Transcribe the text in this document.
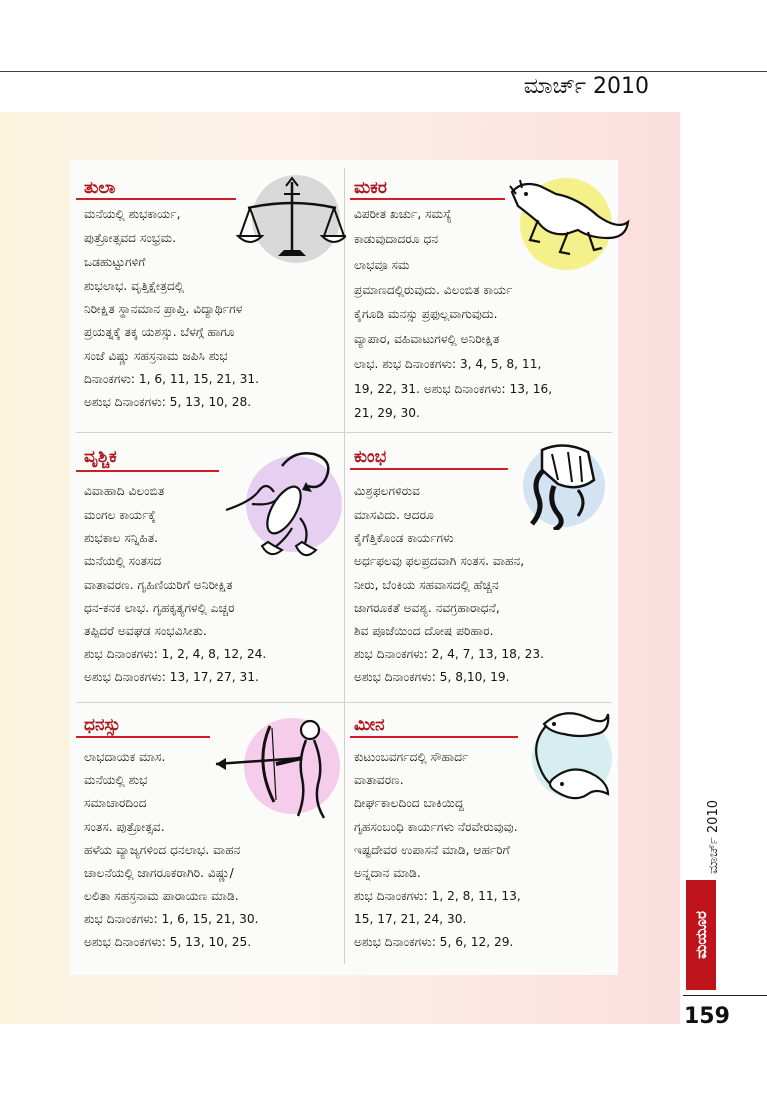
ಮಾರ್ಚ್ 2010
ತುಲಾ
ಮನೆಯಲ್ಲಿ ಶುಭಕಾರ್ಯ,
ಪುತ್ರೋತ್ಸವದ ಸಂಭ್ರಮ.
ಒಡಹುಟ್ಟುಗಳಿಗೆ
ಶುಭಲಾಭ. ವೃತ್ತಿಕ್ಷೇತ್ರದಲ್ಲಿ
ನಿರೀಕ್ಷಿತ ಸ್ಥಾನಮಾನ ಪ್ರಾಪ್ತಿ. ವಿದ್ಯಾರ್ಥಿಗಳ
ಪ್ರಯತ್ನಕ್ಕೆ ತಕ್ಕ ಯಶಸ್ಸು. ಬೆಳಗ್ಗೆ ಹಾಗೂ
ಸಂಜೆ ವಿಷ್ಣು ಸಹಸ್ರನಾಮ ಜಪಿಸಿ ಶುಭ
ದಿನಾಂಕಗಳು: 1, 6, 11, 15, 21, 31.
ಅಶುಭ ದಿನಾಂಕಗಳು: 5, 13, 10, 28.
ಮಕರ
ವಿಪರೀತ ಖರ್ಚು, ಸಮಸ್ಯೆ
ಕಾಡುವುದಾದರೂ ಧನ
ಲಾಭವೂ ಸಮ
ಪ್ರಮಾಣದಲ್ಲಿರುವುದು. ವಿಲಂಬಿತ ಕಾರ್ಯ
ಕೈಗೂಡಿ ಮನಸ್ಸು ಪ್ರಫುಲ್ಲವಾಗುವುದು.
ವ್ಯಾಪಾರ, ವಹಿವಾಟುಗಳಲ್ಲಿ ಅನಿರೀಕ್ಷಿತ
ಲಾಭ. ಶುಭ ದಿನಾಂಕಗಳು: 3, 4, 5, 8, 11,
19, 22, 31. ಅಶುಭ ದಿನಾಂಕಗಳು: 13, 16,
21, 29, 30.
ವೃಶ್ಚಿಕ
ವಿವಾಹಾದಿ ವಿಲಂಬಿತ
ಮಂಗಲ ಕಾರ್ಯಕ್ಕೆ
ಶುಭಕಾಲ ಸನ್ನಿಹಿತ.
ಮನೆಯಲ್ಲಿ ಸಂತಸದ
ವಾತಾವರಣ. ಗೃಹಿಣಿಯರಿಗೆ ಅನಿರೀಕ್ಷಿತ
ಧನ-ಕನಕ ಲಾಭ. ಗೃಹಕೃತ್ಯಗಳಲ್ಲಿ ಎಚ್ಚರ
ತಪ್ಪಿದರೆ ಅವಘಡ ಸಂಭವಿಸೀತು.
ಶುಭ ದಿನಾಂಕಗಳು: 1, 2, 4, 8, 12, 24.
ಅಶುಭ ದಿನಾಂಕಗಳು: 13, 17, 27, 31.
ಕುಂಭ
ಮಿಶ್ರಫಲಗಳಿರುವ
ಮಾಸವಿದು. ಆದರೂ
ಕೈಗೆತ್ತಿಕೊಂಡ ಕಾರ್ಯಗಳು
ಅರ್ಧಫಲವು ಫಲಪ್ರದವಾಗಿ ಸಂತಸ. ವಾಹನ,
ನೀರು, ಬೆಂಕಿಯ ಸಹವಾಸದಲ್ಲಿ ಹೆಚ್ಚಿನ
ಜಾಗರೂಕತೆ ಅವಶ್ಯ. ನವಗ್ರಹಾರಾಧನೆ,
ಶಿವ ಪೂಜೆಯಿಂದ ದೋಷ ಪರಿಹಾರ.
ಶುಭ ದಿನಾಂಕಗಳು: 2, 4, 7, 13, 18, 23.
ಅಶುಭ ದಿನಾಂಕಗಳು: 5, 8,10, 19.
ಧನಸ್ಸು
ಲಾಭದಾಯಕ ಮಾಸ.
ಮನೆಯಲ್ಲಿ ಶುಭ
ಸಮಾಚಾರದಿಂದ
ಸಂತಸ. ಪುತ್ರೋತ್ಸವ.
ಹಳೆಯ ವ್ಯಾಜ್ಯಗಳಿಂದ ಧನಲಾಭ. ವಾಹನ
ಚಾಲನೆಯಲ್ಲಿ ಜಾಗರೂಕರಾಗಿರಿ. ವಿಷ್ಣು/
ಲಲಿತಾ ಸಹಸ್ರನಾಮ ಪಾರಾಯಣ ಮಾಡಿ.
ಶುಭ ದಿನಾಂಕಗಳು: 1, 6, 15, 21, 30.
ಅಶುಭ ದಿನಾಂಕಗಳು: 5, 13, 10, 25.
ಮೀನ
ಕುಟುಂಬವರ್ಗದಲ್ಲಿ ಸೌಹಾರ್ದ
ವಾತಾವರಣ.
ದೀರ್ಘಕಾಲದಿಂದ ಬಾಕಿಯಿದ್ದ
ಗೃಹಸಂಬಂಧಿ ಕಾರ್ಯಗಳು ನೆರವೇರುವುವು.
ಇಷ್ಟದೇವರ ಉಪಾಸನೆ ಮಾಡಿ, ಆರ್ಹರಿಗೆ
ಅನ್ನದಾನ ಮಾಡಿ.
ಶುಭ ದಿನಾಂಕಗಳು: 1, 2, 8, 11, 13,
15, 17, 21, 24, 30.
ಅಶುಭ ದಿನಾಂಕಗಳು: 5, 6, 12, 29.
ಮಾರ್ಚ್ 2010
ಮಯೂರ
159
